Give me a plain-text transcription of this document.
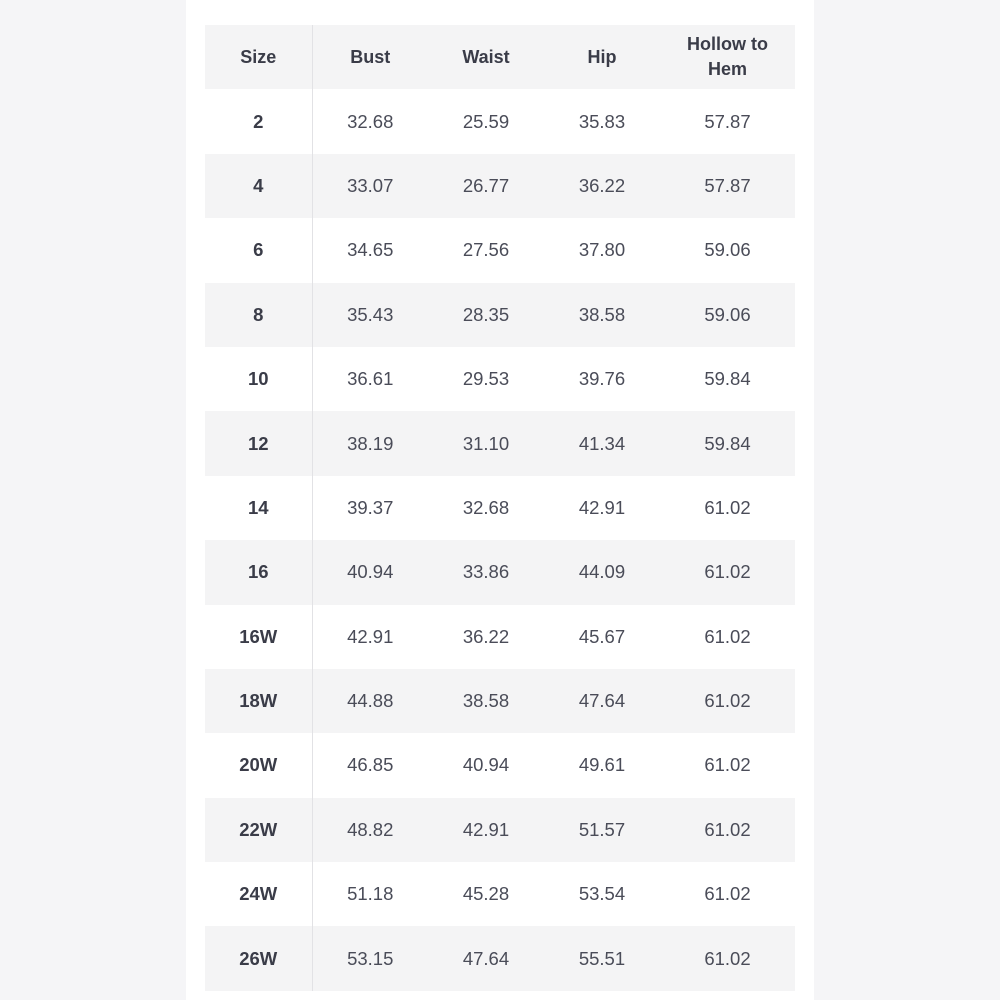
Size	Bust	Waist	Hip	Hollow to
Hem
2	32.68	25.59	35.83	57.87
4	33.07	26.77	36.22	57.87
6	34.65	27.56	37.80	59.06
8	35.43	28.35	38.58	59.06
10	36.61	29.53	39.76	59.84
12	38.19	31.10	41.34	59.84
14	39.37	32.68	42.91	61.02
16	40.94	33.86	44.09	61.02
16W	42.91	36.22	45.67	61.02
18W	44.88	38.58	47.64	61.02
20W	46.85	40.94	49.61	61.02
22W	48.82	42.91	51.57	61.02
24W	51.18	45.28	53.54	61.02
26W	53.15	47.64	55.51	61.02
